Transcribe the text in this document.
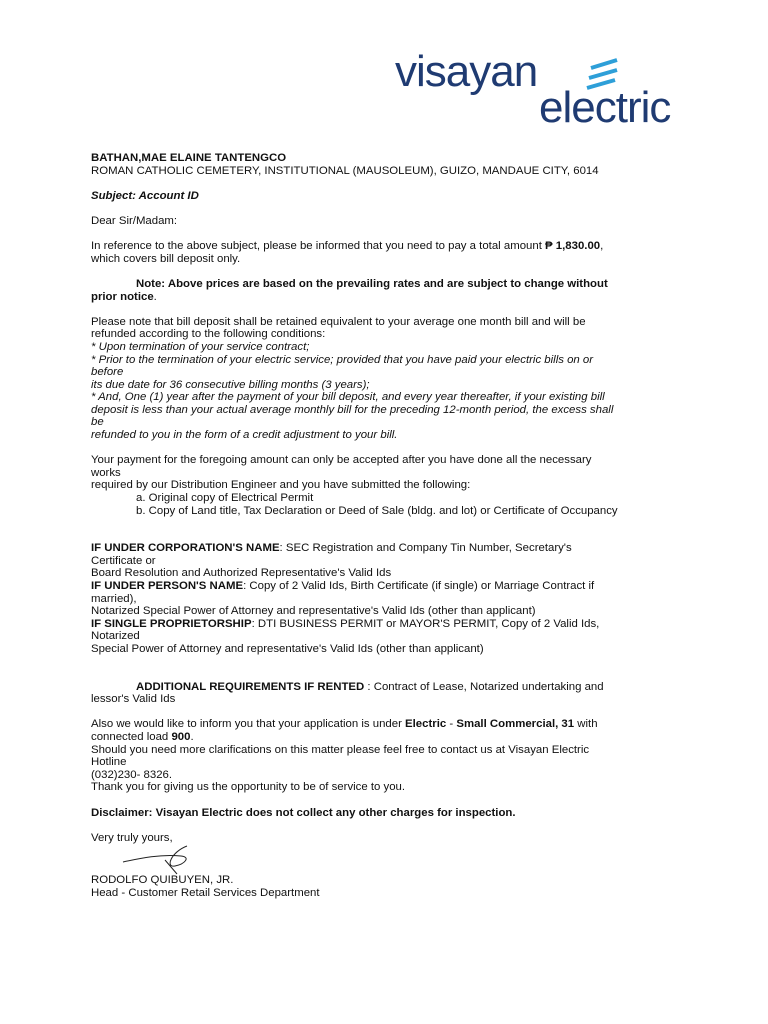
visayan
electric

BATHAN,MAE ELAINE TANTENGCO

ROMAN CATHOLIC CEMETERY, INSTITUTIONAL (MAUSOLEUM), GUIZO, MANDAUE CITY, 6014

Subject: Account ID

Dear Sir/Madam:

In reference to the above subject, please be informed that you need to pay a total amount ₱ 1,830.00,

which covers bill deposit only.

Note: Above prices are based on the prevailing rates and are subject to change without

prior notice.

Please note that bill deposit shall be retained equivalent to your average one month bill and will be

refunded according to the following conditions:

* Upon termination of your service contract;

* Prior to the termination of your electric service; provided that you have paid your electric bills on or

before

its due date for 36 consecutive billing months (3 years);

* And, One (1) year after the payment of your bill deposit, and every year thereafter, if your existing bill

deposit is less than your actual average monthly bill for the preceding 12-month period, the excess shall

be

refunded to you in the form of a credit adjustment to your bill.

Your payment for the foregoing amount can only be accepted after you have done all the necessary

works

required by our Distribution Engineer and you have submitted the following:

a. Original copy of Electrical Permit

b. Copy of Land title, Tax Declaration or Deed of Sale (bldg. and lot) or Certificate of Occupancy

IF UNDER CORPORATION'S NAME: SEC Registration and Company Tin Number, Secretary's

Certificate or

Board Resolution and Authorized Representative's Valid Ids

IF UNDER PERSON'S NAME: Copy of 2 Valid Ids, Birth Certificate (if single) or Marriage Contract if

married),

Notarized Special Power of Attorney and representative's Valid Ids (other than applicant)

IF SINGLE PROPRIETORSHIP: DTI BUSINESS PERMIT or MAYOR'S PERMIT, Copy of 2 Valid Ids,

Notarized

Special Power of Attorney and representative's Valid Ids (other than applicant)

ADDITIONAL REQUIREMENTS IF RENTED : Contract of Lease, Notarized undertaking and

lessor's Valid Ids

Also we would like to inform you that your application is under Electric - Small Commercial, 31 with

connected load 900.

Should you need more clarifications on this matter please feel free to contact us at Visayan Electric

Hotline

(032)230- 8326.

Thank you for giving us the opportunity to be of service to you.

Disclaimer: Visayan Electric does not collect any other charges for inspection.

Very truly yours,

RODOLFO QUIBUYEN, JR.

Head - Customer Retail Services Department
